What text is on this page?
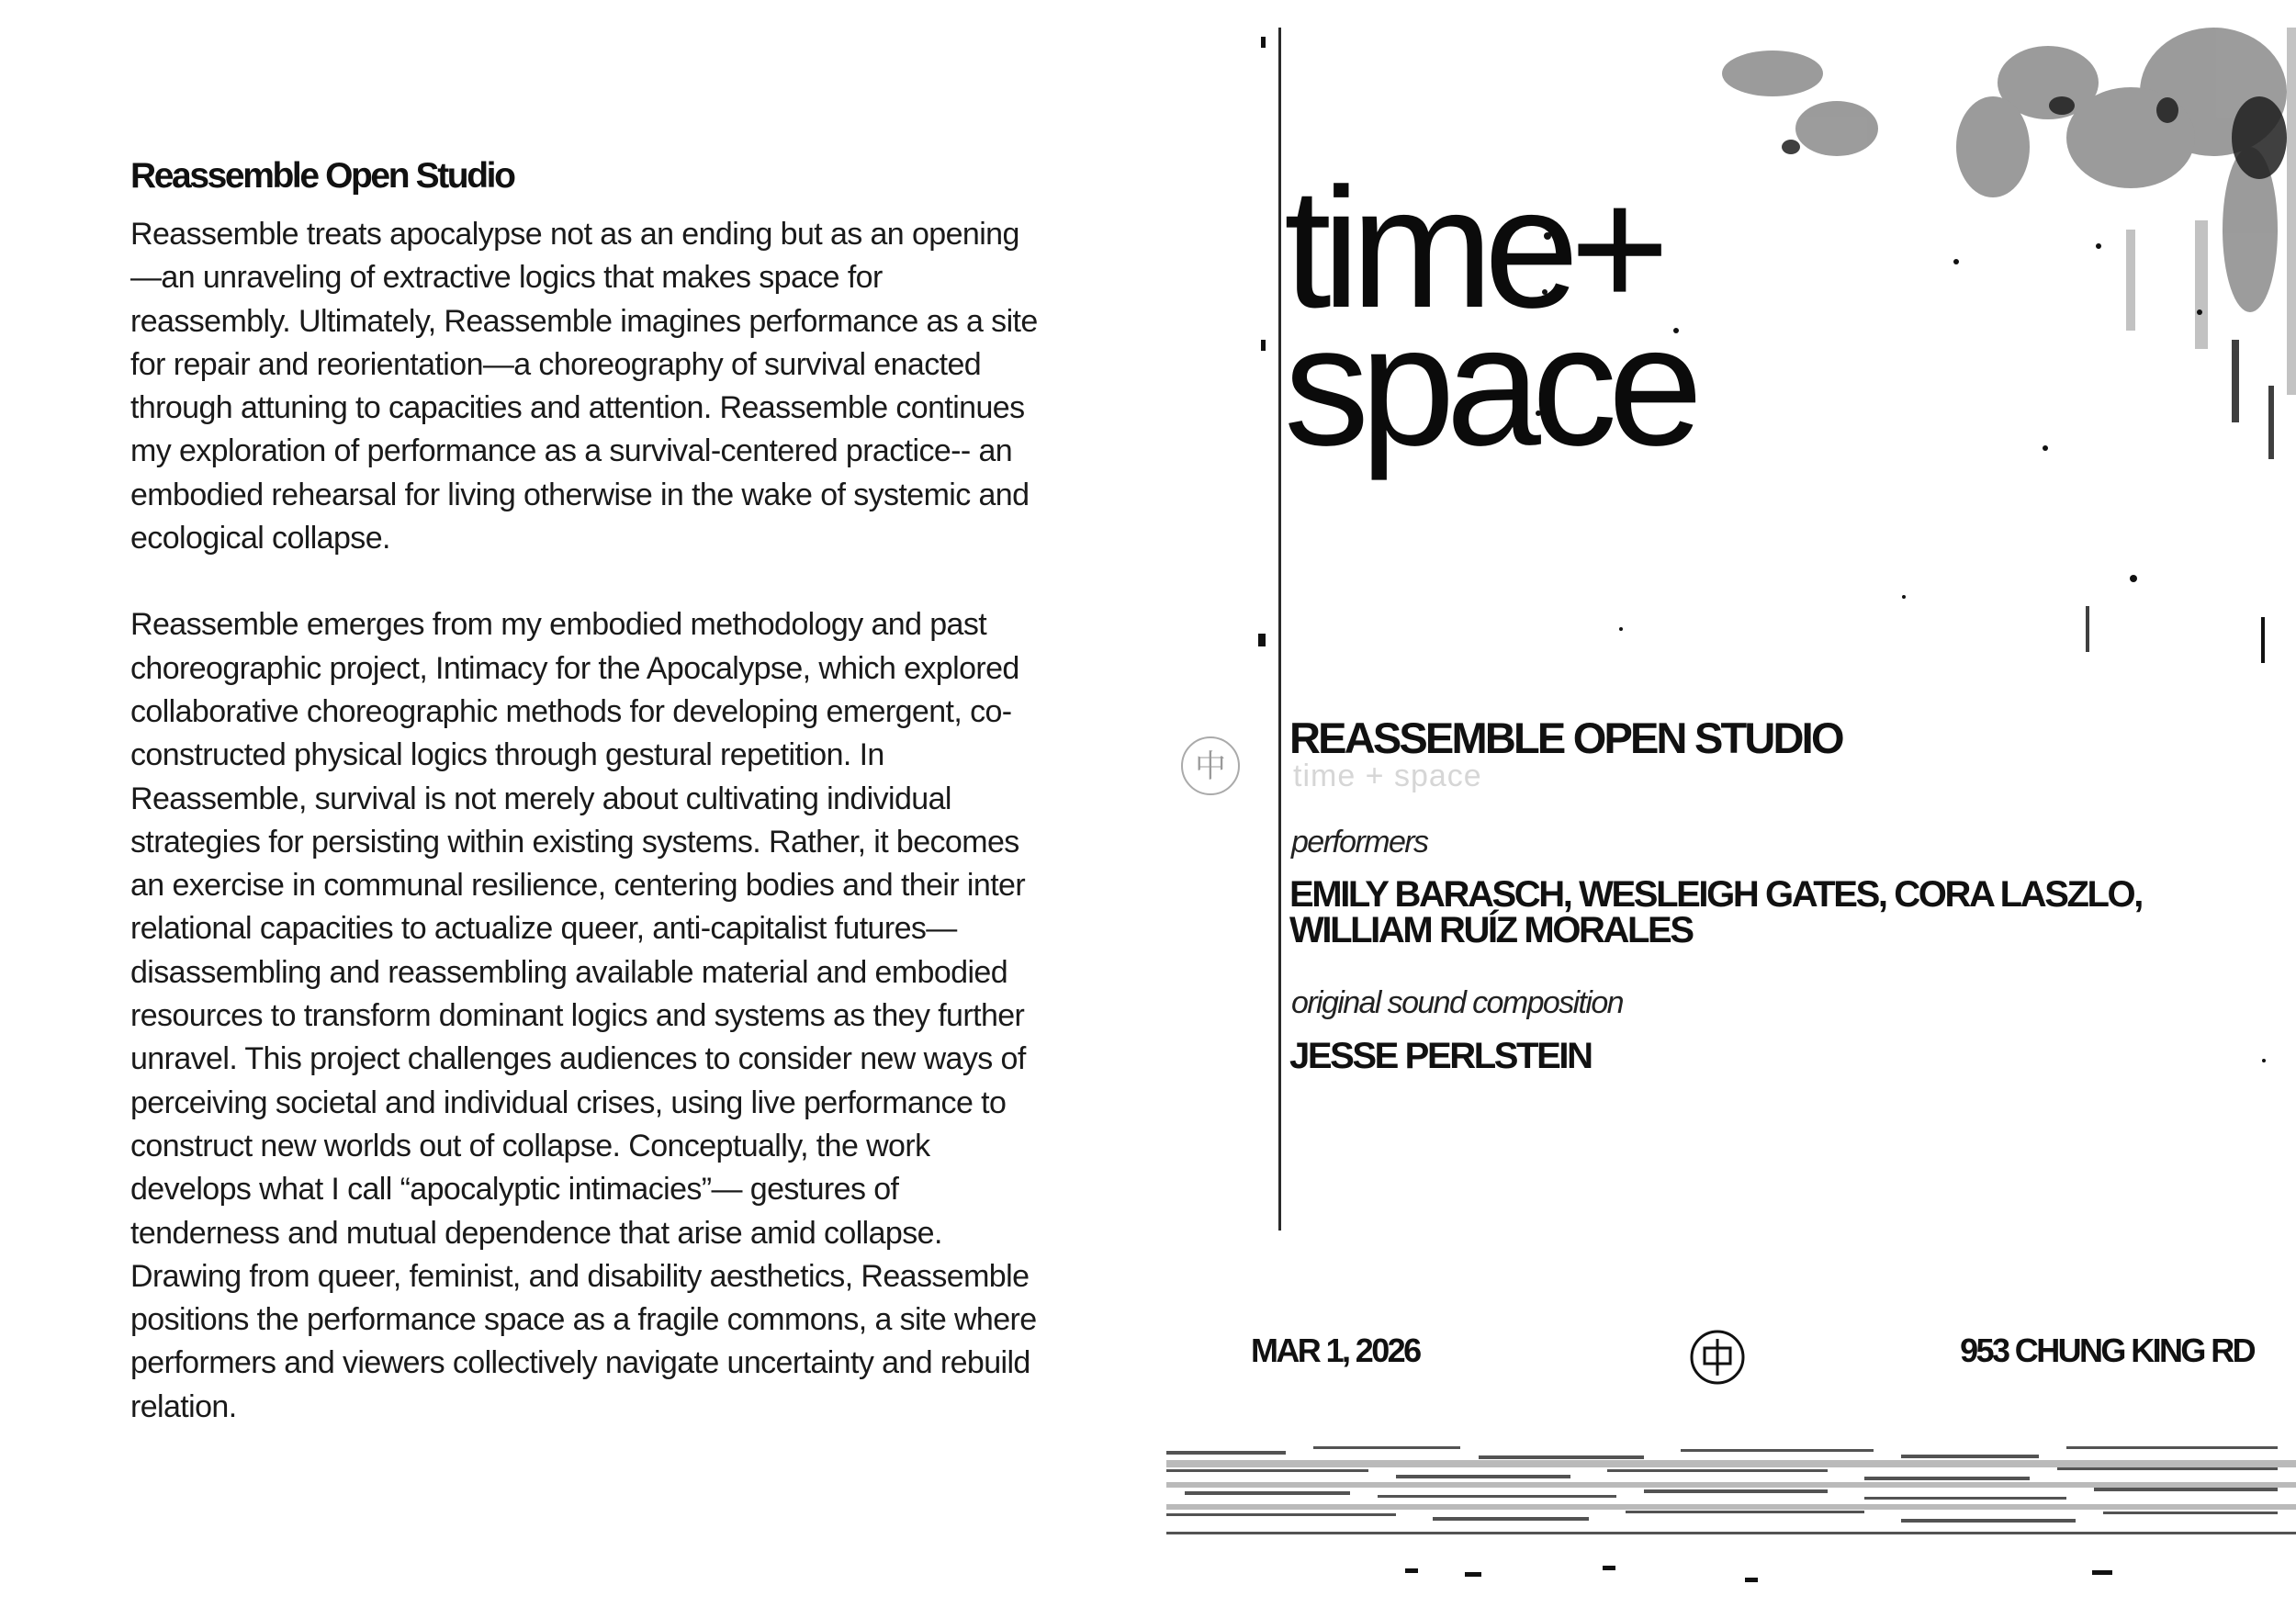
Reassemble Open Studio

Reassemble treats apocalypse not as an ending but as an opening—an unraveling of extractive logics that makes space for reassembly. Ultimately, Reassemble imagines performance as a site for repair and reorientation—a choreography of survival enacted through attuning to capacities and attention. Reassemble continues my exploration of performance as a survival-centered practice-- an embodied rehearsal for living otherwise in the wake of systemic and ecological collapse.

Reassemble emerges from my embodied methodology and past choreographic project, Intimacy for the Apocalypse, which explored collaborative choreographic methods for developing emergent, co-constructed physical logics through gestural repetition. In Reassemble, survival is not merely about cultivating individual strategies for persisting within existing systems. Rather, it becomes an exercise in communal resilience, centering bodies and their inter relational capacities to actualize queer, anti-capitalist futures—disassembling and reassembling available material and embodied resources to transform dominant logics and systems as they further unravel. This project challenges audiences to consider new ways of perceiving societal and individual crises, using live performance to construct new worlds out of collapse. Conceptually, the work develops what I call “apocalyptic intimacies”— gestures of tenderness and mutual dependence that arise amid collapse. Drawing from queer, feminist, and disability aesthetics, Reassemble positions the performance space as a fragile commons, a site where performers and viewers collectively navigate uncertainty and rebuild relation.

time+
space
中
REASSEMBLE OPEN STUDIO
time + space
performers
EMILY BARASCH, WESLEIGH GATES, CORA LASZLO, WILLIAM RUÍZ MORALES
original sound composition
JESSE PERLSTEIN
MAR 1, 2026	953 CHUNG KING RD
